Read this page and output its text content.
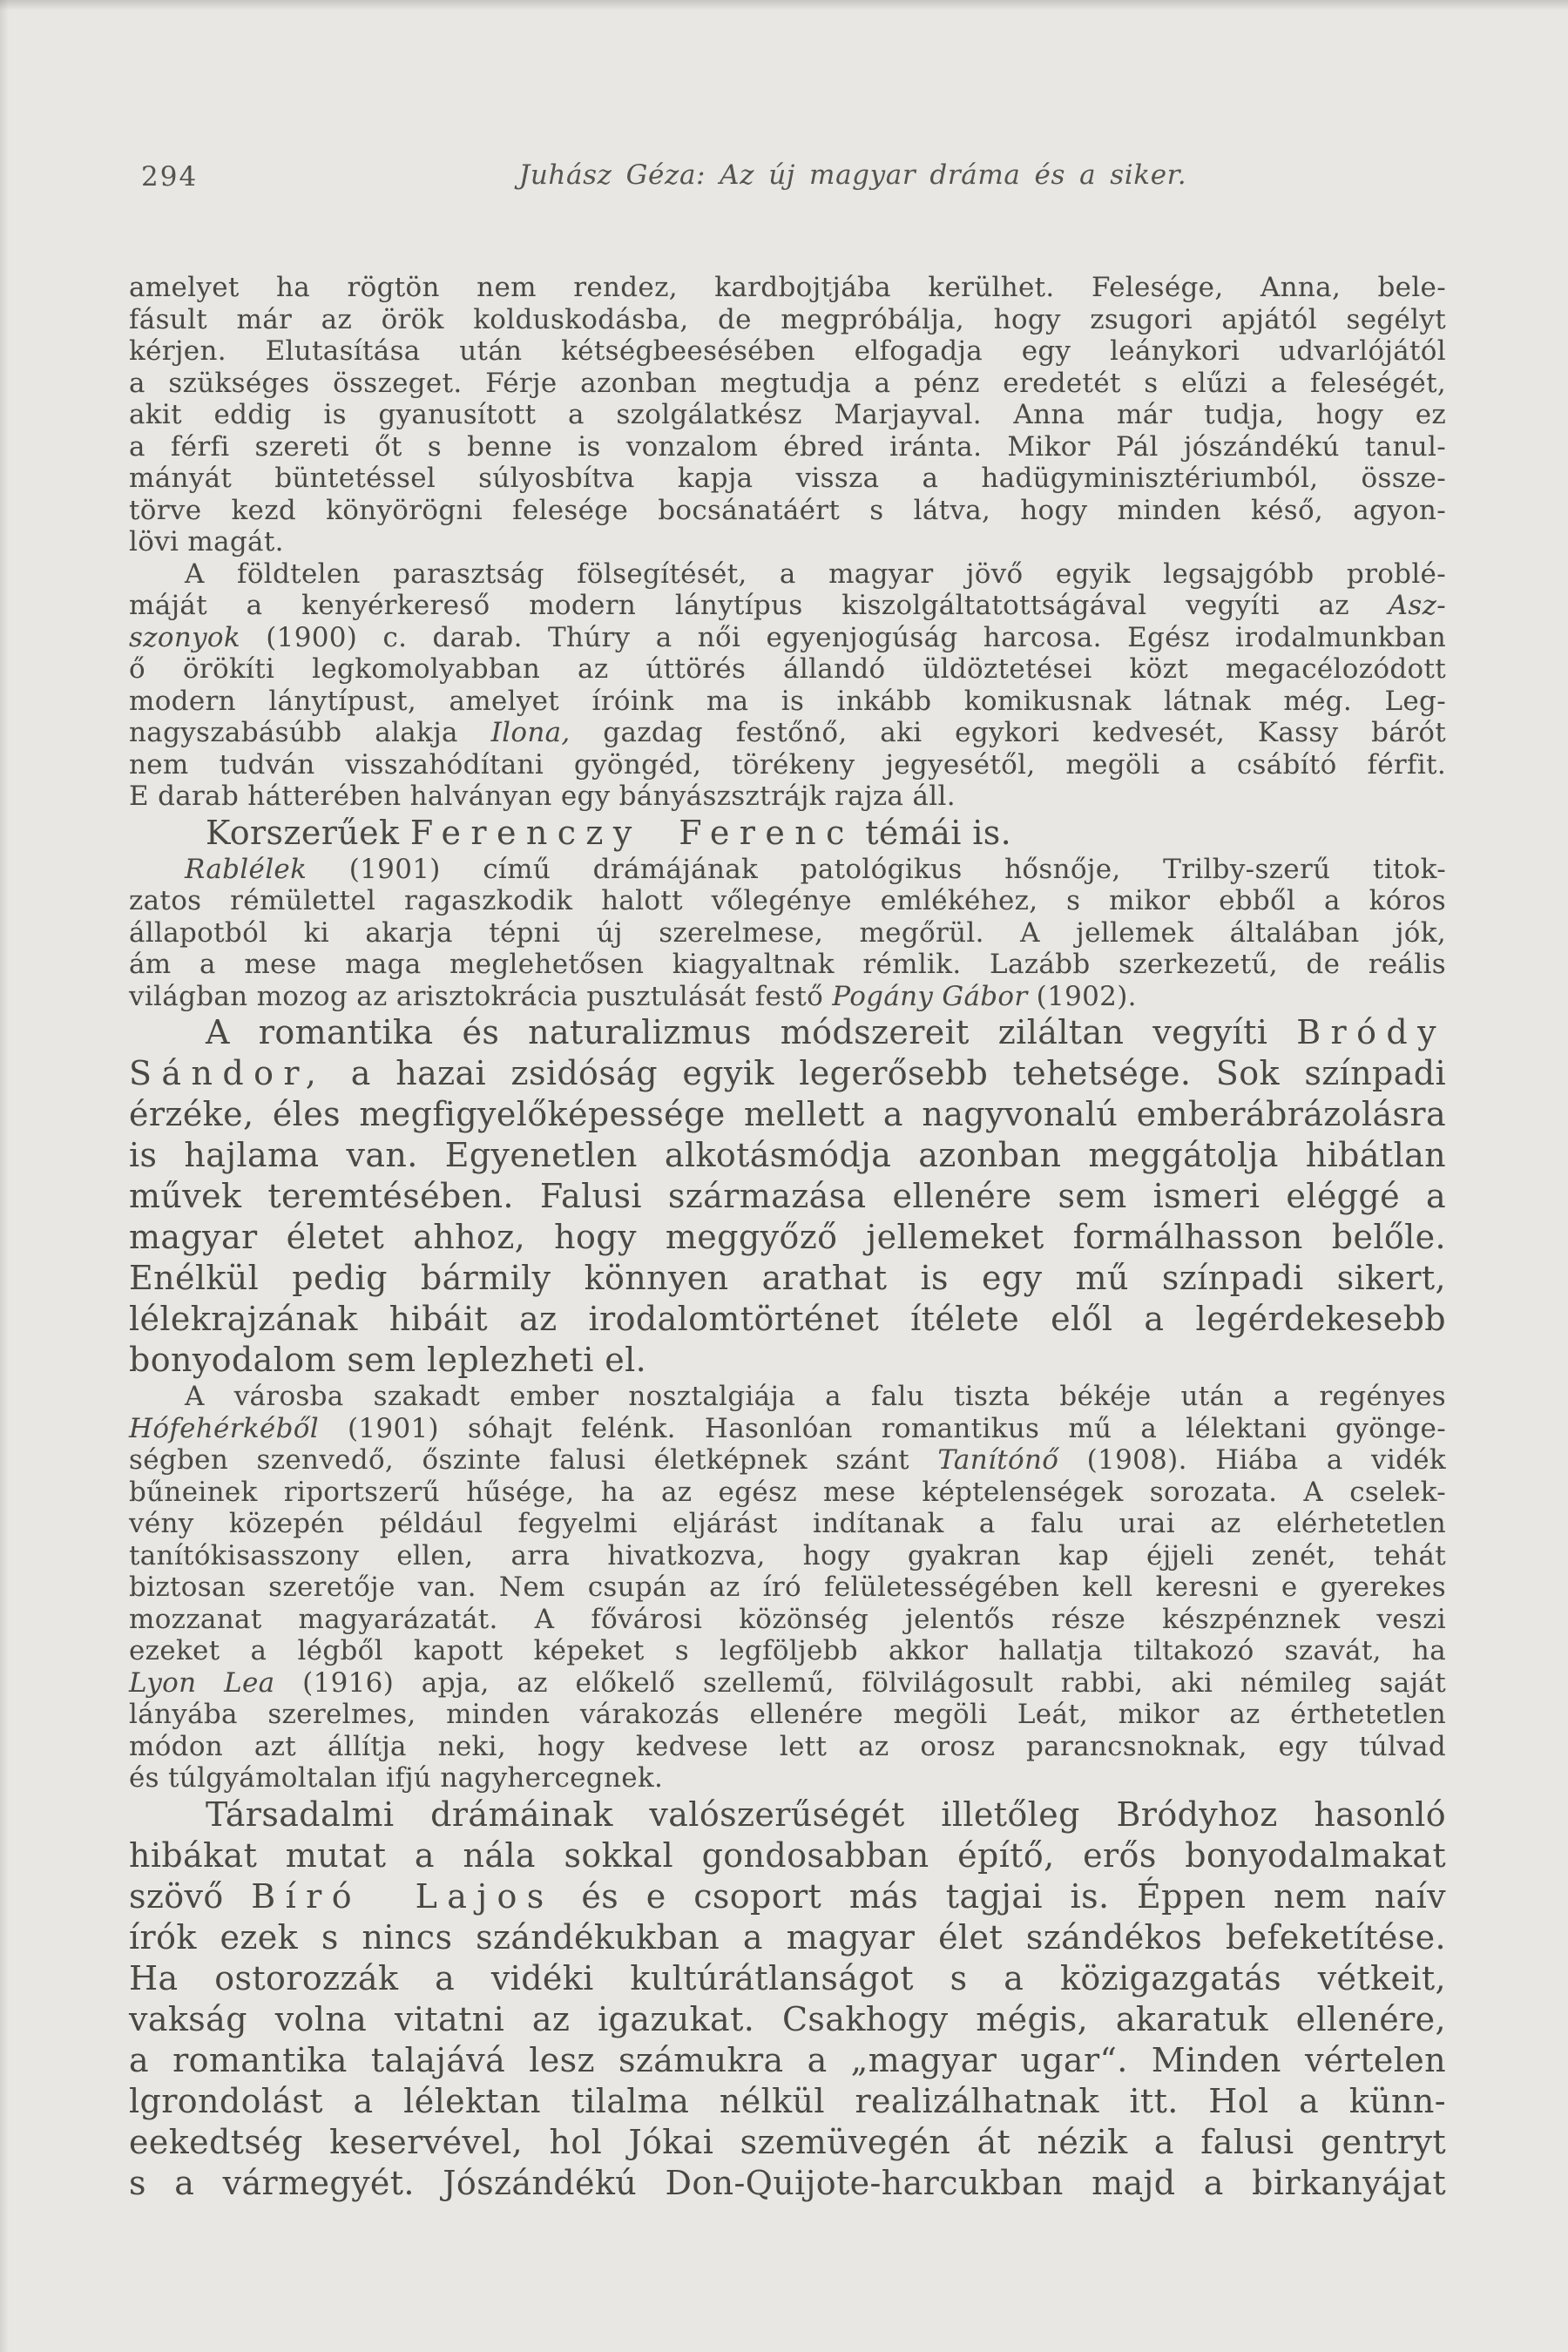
294	Juhász Géza: Az új magyar dráma és a siker.
amelyet ha rögtön nem rendez, kardbojtjába kerülhet. Felesége, Anna, bele-
fásult már az örök kolduskodásba, de megpróbálja, hogy zsugori apjától segélyt
kérjen. Elutasítása után kétségbeesésében elfogadja egy leánykori udvarlójától
a szükséges összeget. Férje azonban megtudja a pénz eredetét s elűzi a feleségét,
akit eddig is gyanusított a szolgálatkész Marjayval. Anna már tudja, hogy ez
a férfi szereti őt s benne is vonzalom ébred iránta. Mikor Pál jószándékú tanul-
mányát büntetéssel súlyosbítva kapja vissza a hadügyminisztériumból, össze-
törve kezd könyörögni felesége bocsánatáért s látva, hogy minden késő, agyon-
lövi magát.
A földtelen parasztság fölsegítését, a magyar jövő egyik legsajgóbb problé-
máját a kenyérkereső modern lánytípus kiszolgáltatottságával vegyíti az Asz-
szonyok (1900) c. darab. Thúry a női egyenjogúság harcosa. Egész irodalmunkban
ő örökíti legkomolyabban az úttörés állandó üldöztetései közt megacélozódott
modern lánytípust, amelyet íróink ma is inkább komikusnak látnak még. Leg-
nagyszabásúbb alakja Ilona, gazdag festőnő, aki egykori kedvesét, Kassy bárót
nem tudván visszahódítani gyöngéd, törékeny jegyesétől, megöli a csábító férfit.
E darab hátterében halványan egy bányászsztrájk rajza áll.
Korszerűek Ferenczy Ferenc témái is.
Rablélek (1901) című drámájának patológikus hősnője, Trilby-szerű titok-
zatos rémülettel ragaszkodik halott vőlegénye emlékéhez, s mikor ebből a kóros
állapotból ki akarja tépni új szerelmese, megőrül. A jellemek általában jók,
ám a mese maga meglehetősen kiagyaltnak rémlik. Lazább szerkezetű, de reális
világban mozog az arisztokrácia pusztulását festő Pogány Gábor (1902).
A romantika és naturalizmus módszereit ziláltan vegyíti Bródy
Sándor, a hazai zsidóság egyik legerősebb tehetsége. Sok színpadi
érzéke, éles megfigyelőképessége mellett a nagyvonalú emberábrázolásra
is hajlama van. Egyenetlen alkotásmódja azonban meggátolja hibátlan
művek teremtésében. Falusi származása ellenére sem ismeri eléggé a
magyar életet ahhoz, hogy meggyőző jellemeket formálhasson belőle.
Enélkül pedig bármily könnyen arathat is egy mű színpadi sikert,
lélekrajzának hibáit az irodalomtörténet ítélete elől a legérdekesebb
bonyodalom sem leplezheti el.
A városba szakadt ember nosztalgiája a falu tiszta békéje után a regényes
Hófehérkéből (1901) sóhajt felénk. Hasonlóan romantikus mű a lélektani gyönge-
ségben szenvedő, őszinte falusi életképnek szánt Tanítónő (1908). Hiába a vidék
bűneinek riportszerű hűsége, ha az egész mese képtelenségek sorozata. A cselek-
vény közepén például fegyelmi eljárást indítanak a falu urai az elérhetetlen
tanítókisasszony ellen, arra hivatkozva, hogy gyakran kap éjjeli zenét, tehát
biztosan szeretője van. Nem csupán az író felületességében kell keresni e gyerekes
mozzanat magyarázatát. A fővárosi közönség jelentős része készpénznek veszi
ezeket a légből kapott képeket s legföljebb akkor hallatja tiltakozó szavát, ha
Lyon Lea (1916) apja, az előkelő szellemű, fölvilágosult rabbi, aki némileg saját
lányába szerelmes, minden várakozás ellenére megöli Leát, mikor az érthetetlen
módon azt állítja neki, hogy kedvese lett az orosz parancsnoknak, egy túlvad
és túlgyámoltalan ifjú nagyhercegnek.
Társadalmi drámáinak valószerűségét illetőleg Bródyhoz hasonló
hibákat mutat a nála sokkal gondosabban építő, erős bonyodalmakat
szövő Bíró Lajos és e csoport más tagjai is. Éppen nem naív
írók ezek s nincs szándékukban a magyar élet szándékos befeketítése.
Ha ostorozzák a vidéki kultúrátlanságot s a közigazgatás vétkeit,
vakság volna vitatni az igazukat. Csakhogy mégis, akaratuk ellenére,
a romantika talajává lesz számukra a „magyar ugar“. Minden vértelen
lgrondolást a lélektan tilalma nélkül realizálhatnak itt. Hol a künn-
eekedtség keservével, hol Jókai szemüvegén át nézik a falusi gentryt
s a vármegyét. Jószándékú Don-Quijote-harcukban majd a birkanyájat
